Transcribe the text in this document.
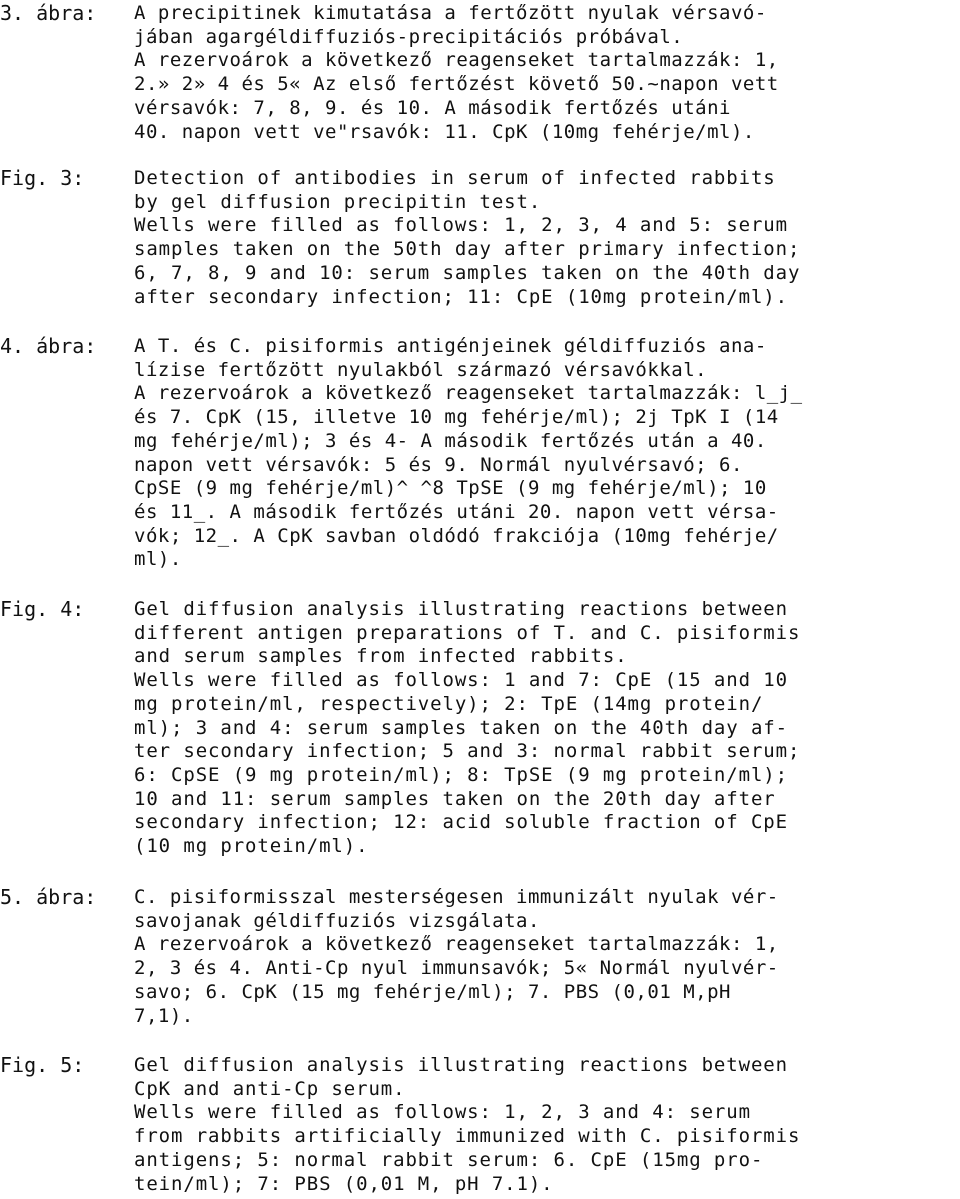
3. ábra: A precipitinek kimutatása a fertőzött nyulak vérsavó-
jában agargéldiffuziós-precipitációs próbával.
A rezervoárok a következő reagenseket tartalmazzák: 1,
2.» 2» 4 és 5« Az első fertőzést követő 50.~napon vett
vérsavók: 7, 8, 9. és 10. A második fertőzés utáni
40. napon vett ve"rsavók: 11. CpK (10mg fehérje/ml).
Fig. 3:	Detection of antibodies in serum of infected rabbits
by gel diffusion precipitin test.
Wells were filled as follows: 1, 2, 3, 4 and 5: serum
samples taken on the 50th day after primary infection;
6, 7, 8, 9 and 10: serum samples taken on the 40th day
after secondary infection; 11: CpE (10mg protein/ml).
4. ábra: A T. és C. pisiformis antigénjeinek géldiffuziós ana-
lízise fertőzött nyulakból származó vérsavókkal.
A rezervoárok a következő reagenseket tartalmazzák: l_j_
és 7. CpK (15, illetve 10 mg fehérje/ml); 2j TpK I (14
mg fehérje/ml); 3 és 4- A második fertőzés után a 40.
napon vett vérsavók: 5 és 9. Normál nyulvérsavó; 6.
CpSE (9 mg fehérje/ml)^ ^8 TpSE (9 mg fehérje/ml); 10
és 11_. A második fertőzés utáni 20. napon vett vérsa-
vók; 12_. A CpK savban oldódó frakciója (10mg fehérje/
ml).
Fig. 4:	Gel diffusion analysis illustrating reactions between
different antigen preparations of T. and C. pisiformis
and serum samples from infected rabbits.
Wells were filled as follows: 1 and 7: CpE (15 and 10
mg protein/ml, respectively); 2: TpE (14mg protein/
ml); 3 and 4: serum samples taken on the 40th day af-
ter secondary infection; 5 and 3: normal rabbit serum;
6: CpSE (9 mg protein/ml); 8: TpSE (9 mg protein/ml);
10 and 11: serum samples taken on the 20th day after
secondary infection; 12: acid soluble fraction of CpE
(10 mg protein/ml).
5. ábra: C. pisiformisszal mesterségesen immunizált nyulak vér-
savojanak géldiffuziós vizsgálata.
A rezervoárok a következő reagenseket tartalmazzák: 1,
2, 3 és 4. Anti-Cp nyul immunsavók; 5« Normál nyulvér-
savo; 6. CpK (15 mg fehérje/ml); 7. PBS (0,01 M,pH
7,1).
Fig. 5:	Gel diffusion analysis illustrating reactions between
CpK and anti-Cp serum.
Wells were filled as follows: 1, 2, 3 and 4: serum
from rabbits artificially immunized with C. pisiformis
antigens; 5: normal rabbit serum: 6. CpE (15mg pro-
tein/ml); 7: PBS (0,01 M, pH 7.1).
